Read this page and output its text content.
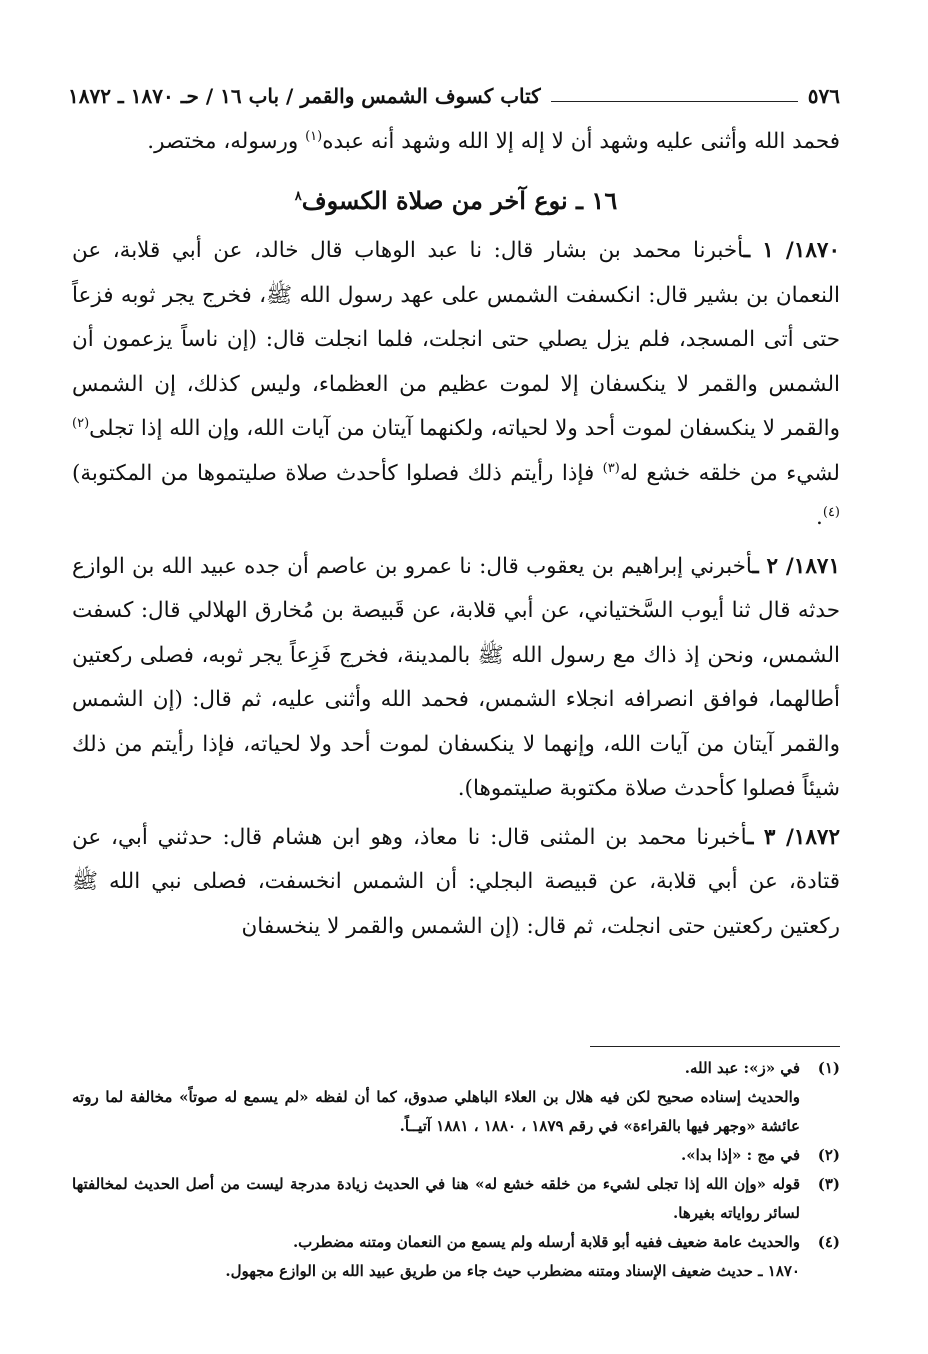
٥٧٦
كتاب كسوف الشمس والقمر / باب ١٦ / حـ ١٨٧٠ ـ ١٨٧٢

فحمد الله وأثنى عليه وشهد أن لا إله إلا الله وشهد أنه عبده$^{(١)}$ ورسوله، مختصر.

١٦ ـ نوع آخر من صلاة الكسوف$^٨$

١٨٧٠/ ١ ـأخبرنا محمد بن بشار قال: نا عبد الوهاب قال خالد، عن أبي قلابة، عن النعمان بن بشير قال: انكسفت الشمس على عهد رسول الله ﷺ، فخرج يجر ثوبه فزعاً حتى أتى المسجد، فلم يزل يصلي حتى انجلت، فلما انجلت قال: (إن ناساً يزعمون أن الشمس والقمر لا ينكسفان إلا لموت عظيم من العظماء، وليس كذلك، إن الشمس والقمر لا ينكسفان لموت أحد ولا لحياته، ولكنهما آيتان من آيات الله، وإن الله إذا تجلى$^{(٢)}$ لشيء من خلقه خشع له$^{(٣)}$ فإذا رأيتم ذلك فصلوا كأحدث صلاة صليتموها من المكتوبة)$^{(٤)}$.

١٨٧١/ ٢ ـأخبرني إبراهيم بن يعقوب قال: نا عمرو بن عاصم أن جده عبيد الله بن الوازع حدثه قال ثنا أيوب السَّختياني، عن أبي قلابة، عن قَبيصة بن مُخارق الهلالي قال: كسفت الشمس، ونحن إذ ذاك مع رسول الله ﷺ بالمدينة، فخرج فَزِعاً يجر ثوبه، فصلى ركعتين أطالهما، فوافق انصرافه انجلاء الشمس، فحمد الله وأثنى عليه، ثم قال: (إن الشمس والقمر آيتان من آيات الله، وإنهما لا ينكسفان لموت أحد ولا لحياته، فإذا رأيتم من ذلك شيئاً فصلوا كأحدث صلاة مكتوبة صليتموها).

١٨٧٢/ ٣ ـأخبرنا محمد بن المثنى قال: نا معاذ، وهو ابن هشام قال: حدثني أبي، عن قتادة، عن أبي قلابة، عن قبيصة البجلي: أن الشمس انخسفت، فصلى نبي الله ﷺ ركعتين ركعتين حتى انجلت، ثم قال: (إن الشمس والقمر لا ينخسفان

(١)
في «ز»: عبد الله.
والحديث إسناده صحيح لكن فيه هلال بن العلاء الباهلي صدوق، كما أن لفظه «لم يسمع له صوتاً» مخالفة لما روته عائشة «وجهر فيها بالقراءة» في رقم ١٨٧٩ ، ١٨٨٠ ، ١٨٨١ آتيــاً.
(٢)
في مج : «إذا بدا».
(٣)
قوله «وإن الله إذا تجلى لشيء من خلقه خشع له» هنا في الحديث زيادة مدرجة ليست من أصل الحديث لمخالفتها لسائر رواياته بغيرها.
(٤)
والحديث عامة ضعيف ففيه أبو قلابة أرسله ولم يسمع من النعمان ومتنه مضطرب.
١٨٧٠ ـ حديث ضعيف الإسناد ومتنه مضطرب حيث جاء من طريق عبيد الله بن الوازع مجهول.
